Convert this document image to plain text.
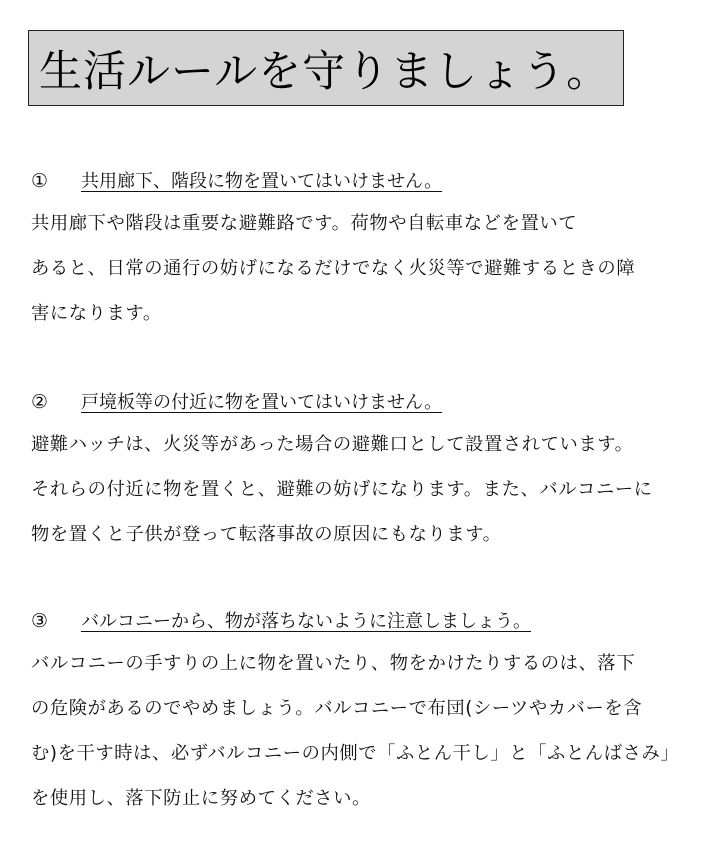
生活ルールを守りましょう。
①	共用廊下、階段に物を置いてはいけません。
共用廊下や階段は重要な避難路です。荷物や自転車などを置いて
あると、日常の通行の妨げになるだけでなく火災等で避難するときの障
害になります。
②	戸境板等の付近に物を置いてはいけません。
避難ハッチは、火災等があった場合の避難口として設置されています。
それらの付近に物を置くと、避難の妨げになります。また、バルコニーに
物を置くと子供が登って転落事故の原因にもなります。
③	バルコニーから、物が落ちないように注意しましょう。
バルコニーの手すりの上に物を置いたり、物をかけたりするのは、落下
の危険があるのでやめましょう。バルコニーで布団(シーツやカバーを含
む)を干す時は、必ずバルコニーの内側で「ふとん干し」と「ふとんばさみ」
を使用し、落下防止に努めてください。
